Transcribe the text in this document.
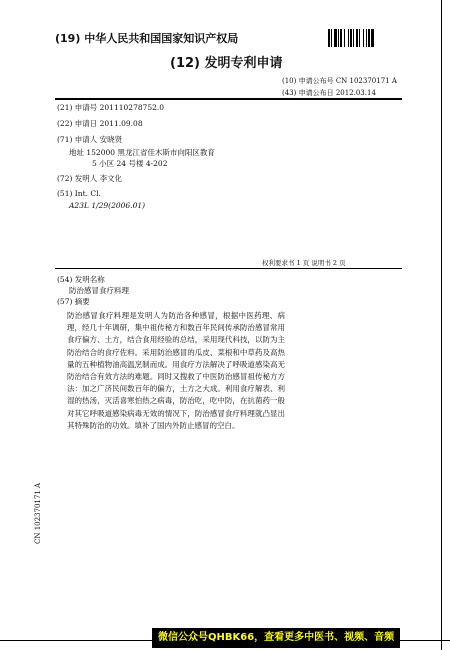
(19) 中华人民共和国国家知识产权局
(12) 发明专利申请
(10) 申请公布号 CN 102370171 A
(43) 申请公布日 2012.03.14
(21) 申请号 201110278752.0
(22) 申请日 2011.09.08
(71) 申请人 安晓贤
地址 152000 黑龙江省佳木斯市向阳区教育
5 小区 24 号楼 4-202
(72) 发明人 李文化
(51) Int. Cl.
A23L 1/29(2006.01)
权利要求书 1 页 说明书 2 页
(54) 发明名称
防治感冒食疗料理
(57) 摘要
防治感冒食疗料理是发明人为防治各种感冒，根据中医药理、病理，经几十年调研，集中祖传秘方和数百年民间传承防治感冒常用食疗偏方、土方，结合食用经验的总结，采用现代科技，以防为主防治结合的食疗佐料。采用防治感冒的瓜皮、菜根和中草药及高热量的五种植物油高温烹制而成。用食疗方法解决了呼吸道感染高无防治结合有效方法的难题。同时又搜救了中医防治感冒祖传秘方方法：加之广济民间数百年的偏方，土方之大成。利用食疗解表、利湿的热汤，灭活喜寒怕热之病毒，防治吃，吃中防，在抗菌药一般对其它呼吸道感染病毒无效的情况下，防治感冒食疗料理就凸显出其特殊防治的功效。填补了国内外防止感冒的空白。
CN 102370171 A
微信公众号QHBK66，查看更多中医书、视频、音频
